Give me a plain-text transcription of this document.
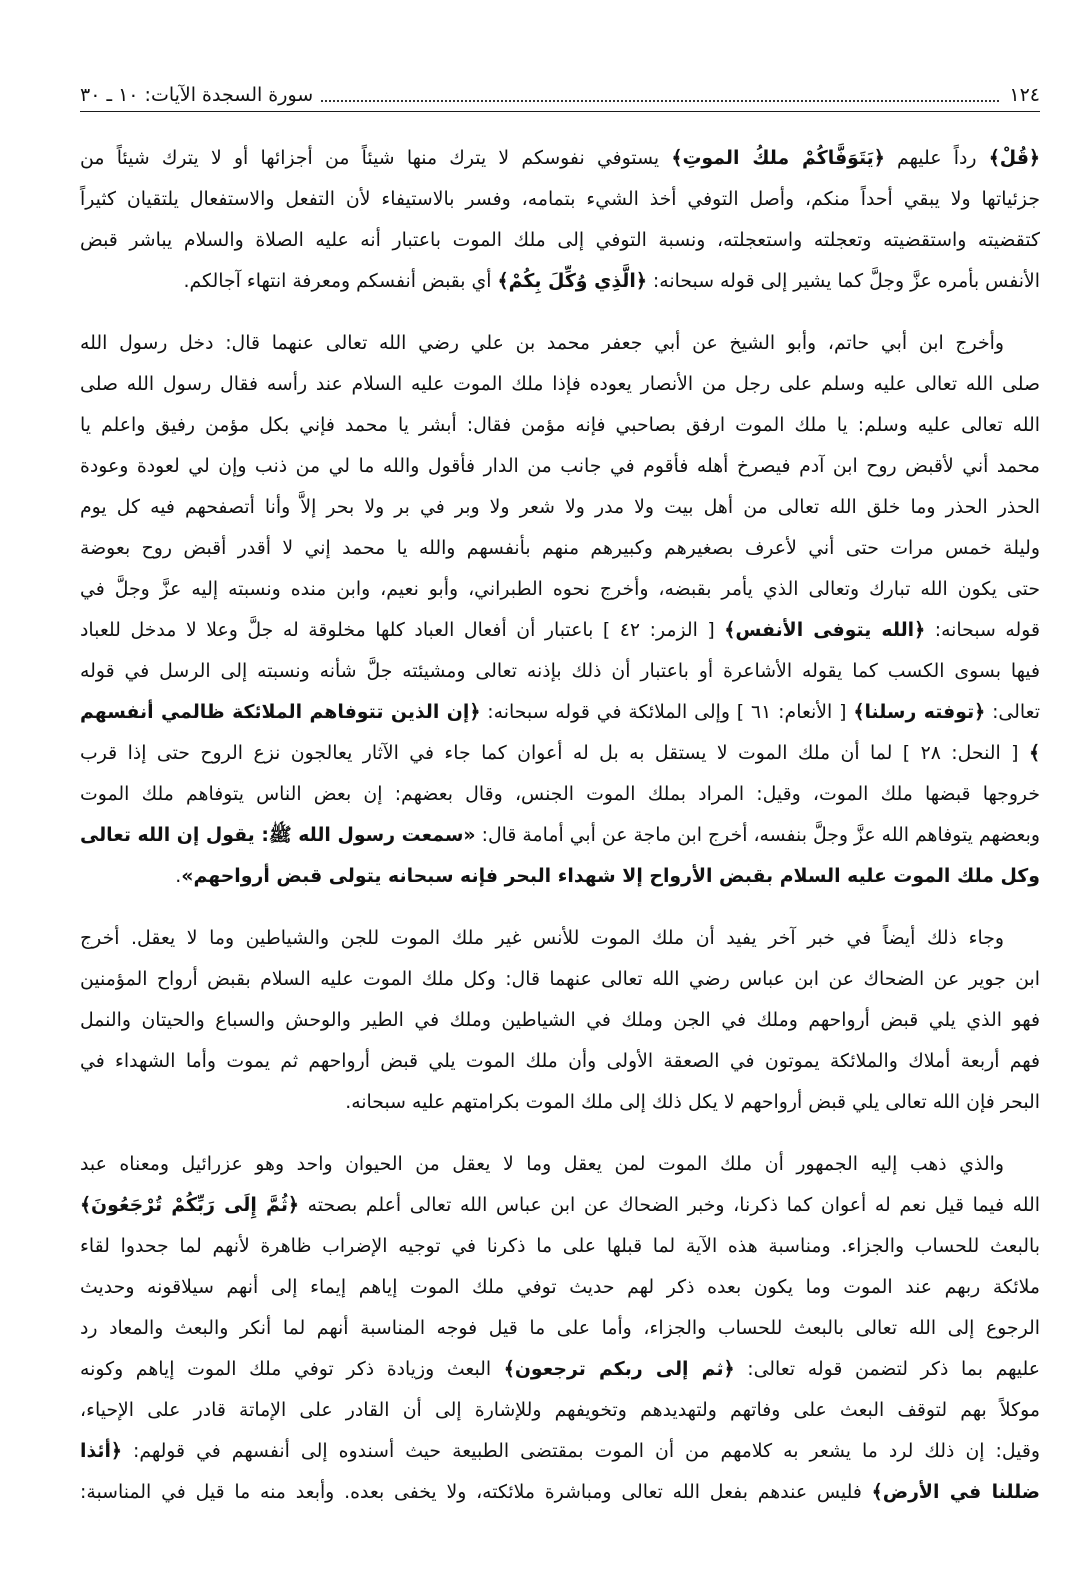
١٢٤
سورة السجدة الآيات: ١٠ ـ ٣٠
﴿قُلْ﴾ رداً عليهم ﴿يَتَوَفَّاكُمْ ملكُ الموتِ﴾ يستوفي نفوسكم لا يترك منها شيئاً من أجزائها أو لا يترك شيئاً من
جزئياتها ولا يبقي أحداً منكم، وأصل التوفي أخذ الشيء بتمامه، وفسر بالاستيفاء لأن التفعل والاستفعال يلتقيان كثيراً
كتقضيته واستقضيته وتعجلته واستعجلته، ونسبة التوفي إلى ملك الموت باعتبار أنه عليه الصلاة والسلام يباشر قبض
الأنفس بأمره عزَّ وجلَّ كما يشير إلى قوله سبحانه: ﴿الَّذِي وُكِّلَ بِكُمْ﴾ أي بقبض أنفسكم ومعرفة انتهاء آجالكم.
وأخرج ابن أبي حاتم، وأبو الشيخ عن أبي جعفر محمد بن علي رضي الله تعالى عنهما قال: دخل رسول الله
صلى الله تعالى عليه وسلم على رجل من الأنصار يعوده فإذا ملك الموت عليه السلام عند رأسه فقال رسول الله صلى
الله تعالى عليه وسلم: يا ملك الموت ارفق بصاحبي فإنه مؤمن فقال: أبشر يا محمد فإني بكل مؤمن رفيق واعلم يا
محمد أني لأقبض روح ابن آدم فيصرخ أهله فأقوم في جانب من الدار فأقول والله ما لي من ذنب وإن لي لعودة وعودة
الحذر الحذر وما خلق الله تعالى من أهل بيت ولا مدر ولا شعر ولا وبر في بر ولا بحر إلاَّ وأنا أتصفحهم فيه كل يوم
وليلة خمس مرات حتى أني لأعرف بصغيرهم وكبيرهم منهم بأنفسهم والله يا محمد إني لا أقدر أقبض روح بعوضة
حتى يكون الله تبارك وتعالى الذي يأمر بقبضه، وأخرج نحوه الطبراني، وأبو نعيم، وابن منده ونسبته إليه عزَّ وجلَّ في
قوله سبحانه: ﴿الله يتوفى الأنفس﴾ [ الزمر: ٤٢ ] باعتبار أن أفعال العباد كلها مخلوقة له جلَّ وعلا لا مدخل للعباد
فيها بسوى الكسب كما يقوله الأشاعرة أو باعتبار أن ذلك بإذنه تعالى ومشيئته جلَّ شأنه ونسبته إلى الرسل في قوله
تعالى: ﴿توفته رسلنا﴾ [ الأنعام: ٦١ ] وإلى الملائكة في قوله سبحانه: ﴿إن الذين تتوفاهم الملائكة ظالمي أنفسهم
﴾ [ النحل: ٢٨ ] لما أن ملك الموت لا يستقل به بل له أعوان كما جاء في الآثار يعالجون نزع الروح حتى إذا قرب
خروجها قبضها ملك الموت، وقيل: المراد بملك الموت الجنس، وقال بعضهم: إن بعض الناس يتوفاهم ملك الموت
وبعضهم يتوفاهم الله عزَّ وجلَّ بنفسه، أخرج ابن ماجة عن أبي أمامة قال: «سمعت رسول الله ﷺ: يقول إن الله تعالى
وكل ملك الموت عليه السلام بقبض الأرواح إلا شهداء البحر فإنه سبحانه يتولى قبض أرواحهم».
وجاء ذلك أيضاً في خبر آخر يفيد أن ملك الموت للأنس غير ملك الموت للجن والشياطين وما لا يعقل. أخرج
ابن جوير عن الضحاك عن ابن عباس رضي الله تعالى عنهما قال: وكل ملك الموت عليه السلام بقبض أرواح المؤمنين
فهو الذي يلي قبض أرواحهم وملك في الجن وملك في الشياطين وملك في الطير والوحش والسباع والحيتان والنمل
فهم أربعة أملاك والملائكة يموتون في الصعقة الأولى وأن ملك الموت يلي قبض أرواحهم ثم يموت وأما الشهداء في
البحر فإن الله تعالى يلي قبض أرواحهم لا يكل ذلك إلى ملك الموت بكرامتهم عليه سبحانه.
والذي ذهب إليه الجمهور أن ملك الموت لمن يعقل وما لا يعقل من الحيوان واحد وهو عزرائيل ومعناه عبد
الله فيما قيل نعم له أعوان كما ذكرنا، وخبر الضحاك عن ابن عباس الله تعالى أعلم بصحته ﴿ثُمَّ إِلَى رَبِّكُمْ تُرْجَعُونَ﴾
بالبعث للحساب والجزاء. ومناسبة هذه الآية لما قبلها على ما ذكرنا في توجيه الإضراب ظاهرة لأنهم لما جحدوا لقاء
ملائكة ربهم عند الموت وما يكون بعده ذكر لهم حديث توفي ملك الموت إياهم إيماء إلى أنهم سيلاقونه وحديث
الرجوع إلى الله تعالى بالبعث للحساب والجزاء، وأما على ما قيل فوجه المناسبة أنهم لما أنكر والبعث والمعاد رد
عليهم بما ذكر لتضمن قوله تعالى: ﴿ثم إلى ربكم ترجعون﴾ البعث وزيادة ذكر توفي ملك الموت إياهم وكونه
موكلاً بهم لتوقف البعث على وفاتهم ولتهديدهم وتخويفهم وللإشارة إلى أن القادر على الإماتة قادر على الإحياء،
وقيل: إن ذلك لرد ما يشعر به كلامهم من أن الموت بمقتضى الطبيعة حيث أسندوه إلى أنفسهم في قولهم: ﴿أئذا
ضللنا في الأرض﴾ فليس عندهم بفعل الله تعالى ومباشرة ملائكته، ولا يخفى بعده. وأبعد منه ما قيل في المناسبة:
